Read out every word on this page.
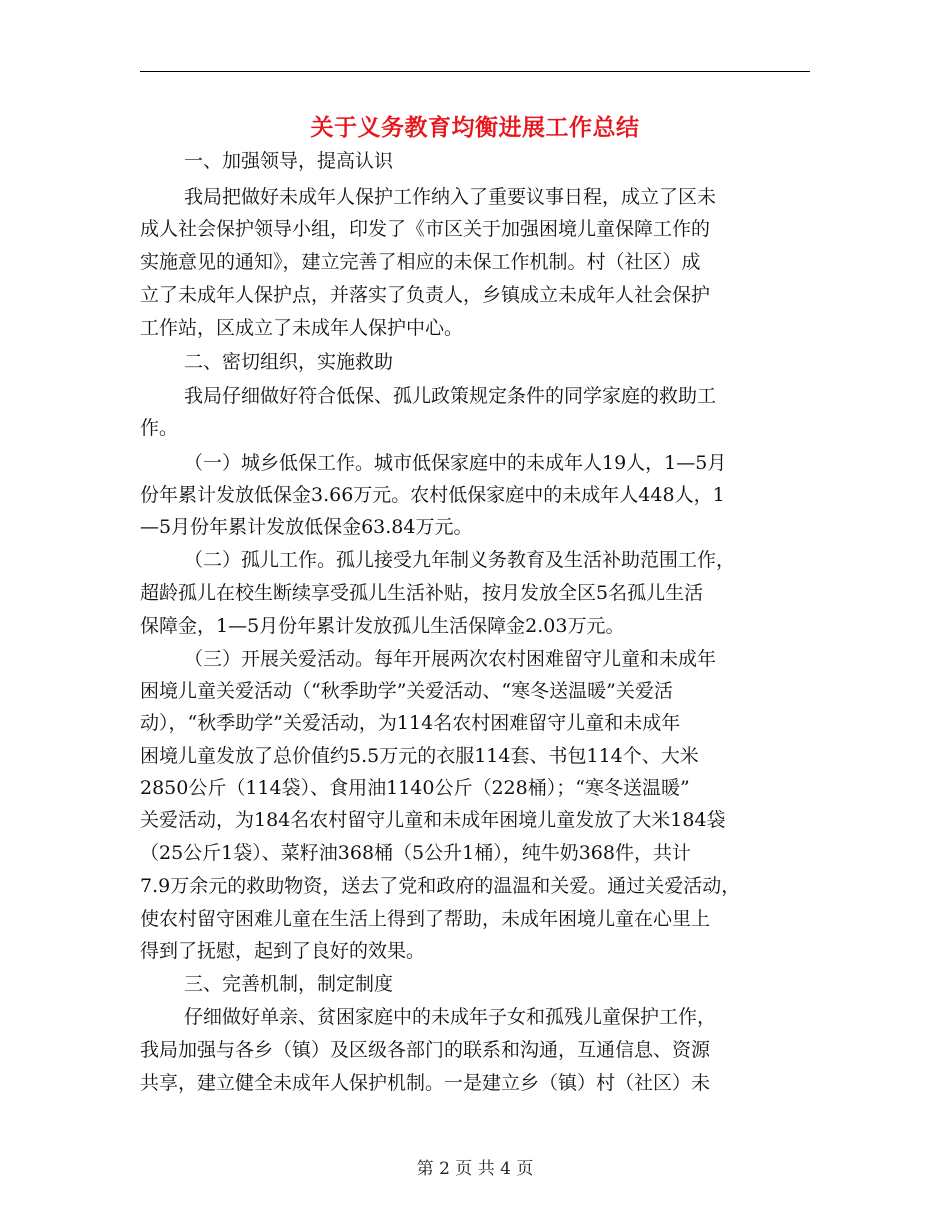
关于义务教育均衡进展工作总结
一、加强领导，提高认识
我局把做好未成年人保护工作纳入了重要议事日程，成立了区未
成人社会保护领导小组，印发了《市区关于加强困境儿童保障工作的
实施意见的通知》，建立完善了相应的未保工作机制。村（社区）成
立了未成年人保护点，并落实了负责人，乡镇成立未成年人社会保护
工作站，区成立了未成年人保护中心。
二、密切组织，实施救助
我局仔细做好符合低保、孤儿政策规定条件的同学家庭的救助工
作。
（一）城乡低保工作。城市低保家庭中的未成年人19人，1—5月
份年累计发放低保金3.66万元。农村低保家庭中的未成年人448人，1
—5月份年累计发放低保金63.84万元。
（二）孤儿工作。孤儿接受九年制义务教育及生活补助范围工作，
超龄孤儿在校生断续享受孤儿生活补贴，按月发放全区5名孤儿生活
保障金，1—5月份年累计发放孤儿生活保障金2.03万元。
（三）开展关爱活动。每年开展两次农村困难留守儿童和未成年
困境儿童关爱活动（“秋季助学”关爱活动、“寒冬送温暖”关爱活
动），“秋季助学”关爱活动，为114名农村困难留守儿童和未成年
困境儿童发放了总价值约5.5万元的衣服114套、书包114个、大米
2850公斤（114袋）、食用油1140公斤（228桶）；“寒冬送温暖”
关爱活动，为184名农村留守儿童和未成年困境儿童发放了大米184袋
（25公斤1袋）、菜籽油368桶（5公升1桶），纯牛奶368件，共计
7.9万余元的救助物资，送去了党和政府的温温和关爱。通过关爱活动，
使农村留守困难儿童在生活上得到了帮助，未成年困境儿童在心里上
得到了抚慰，起到了良好的效果。
三、完善机制，制定制度
仔细做好单亲、贫困家庭中的未成年子女和孤残儿童保护工作，
我局加强与各乡（镇）及区级各部门的联系和沟通，互通信息、资源
共享，建立健全未成年人保护机制。一是建立乡（镇）村（社区）未
第 2 页 共 4 页
